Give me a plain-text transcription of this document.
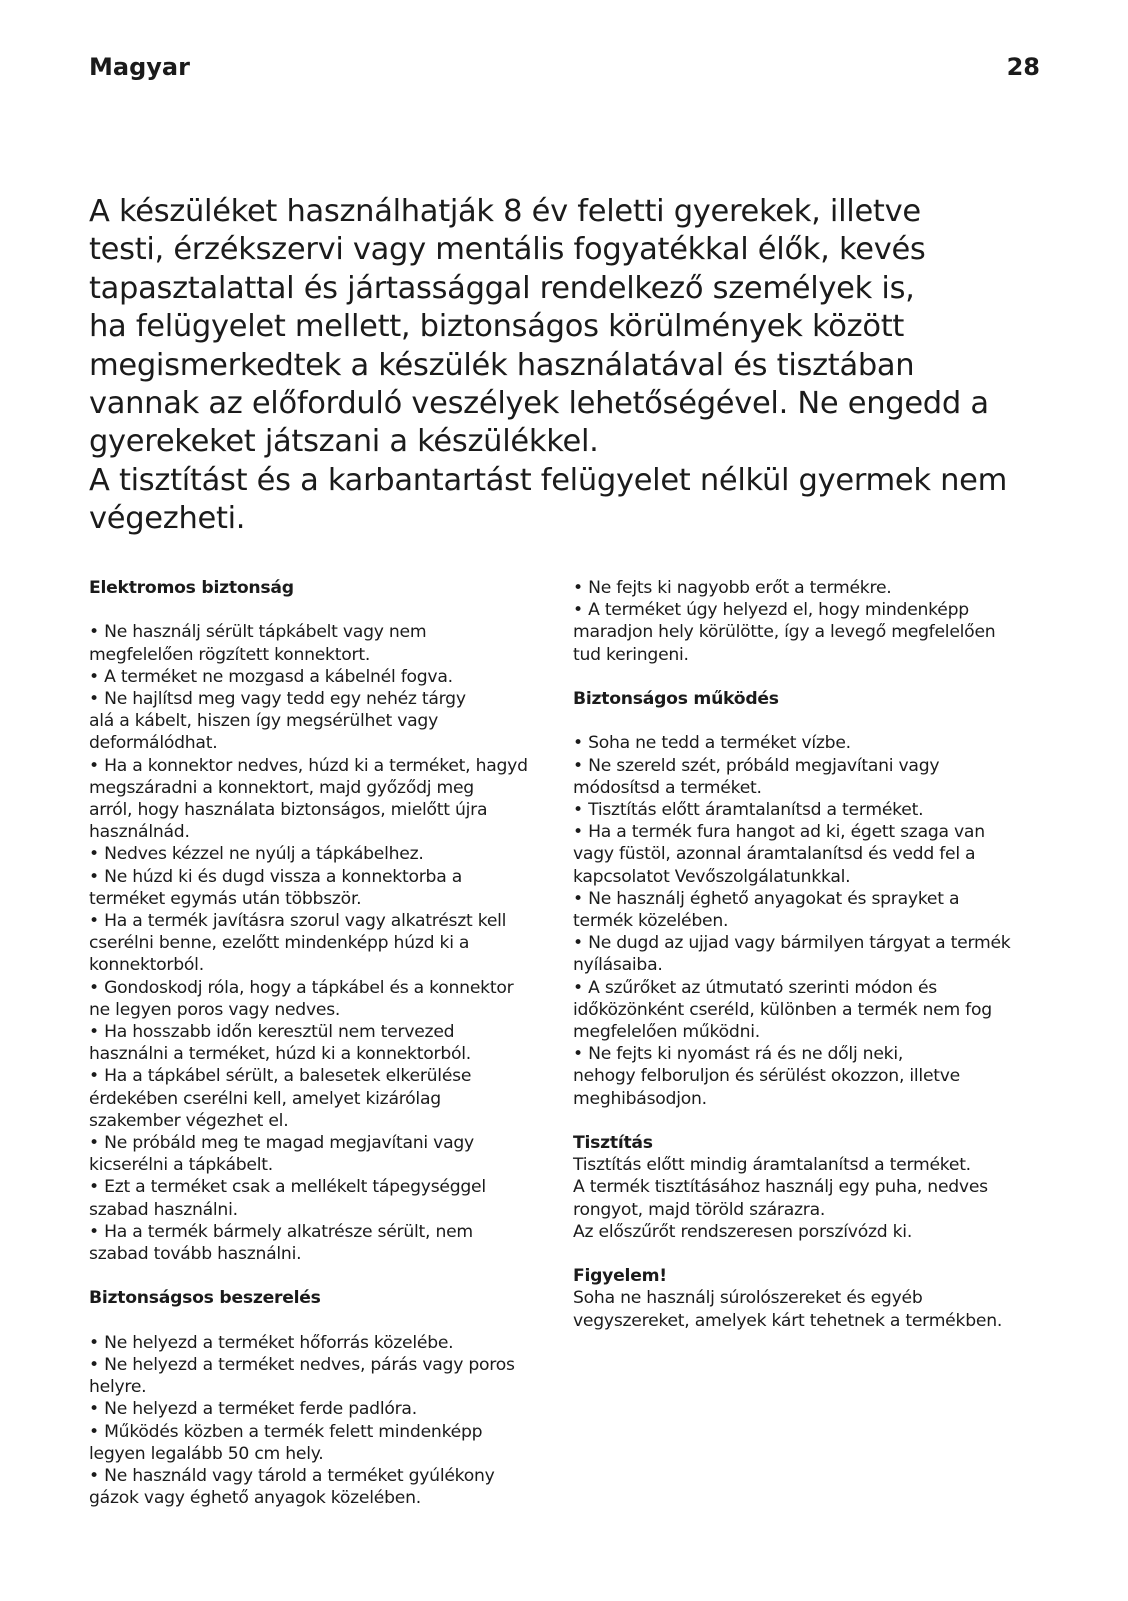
Magyar	28

A készüléket használhatják 8 év feletti gyerekek, illetve
testi, érzékszervi vagy mentális fogyatékkal élők, kevés
tapasztalattal és jártassággal rendelkező személyek is,
ha felügyelet mellett, biztonságos körülmények között
megismerkedtek a készülék használatával és tisztában
vannak az előforduló veszélyek lehetőségével. Ne engedd a
gyerekeket játszani a készülékkel.

A tisztítást és a karbantartást felügyelet nélkül gyermek nem
végezheti.

Elektromos biztonság
• Ne használj sérült tápkábelt vagy nem
megfelelően rögzített konnektort.
• A terméket ne mozgasd a kábelnél fogva.
• Ne hajlítsd meg vagy tedd egy nehéz tárgy
alá a kábelt, hiszen így megsérülhet vagy
deformálódhat.
• Ha a konnektor nedves, húzd ki a terméket, hagyd
megszáradni a konnektort, majd győződj meg
arról, hogy használata biztonságos, mielőtt újra
használnád.
• Nedves kézzel ne nyúlj a tápkábelhez.
• Ne húzd ki és dugd vissza a konnektorba a
terméket egymás után többször.
• Ha a termék javításra szorul vagy alkatrészt kell
cserélni benne, ezelőtt mindenképp húzd ki a
konnektorból.
• Gondoskodj róla, hogy a tápkábel és a konnektor
ne legyen poros vagy nedves.
• Ha hosszabb időn keresztül nem tervezed
használni a terméket, húzd ki a konnektorból.
• Ha a tápkábel sérült, a balesetek elkerülése
érdekében cserélni kell, amelyet kizárólag
szakember végezhet el.
• Ne próbáld meg te magad megjavítani vagy
kicserélni a tápkábelt.
• Ezt a terméket csak a mellékelt tápegységgel
szabad használni.
• Ha a termék bármely alkatrésze sérült, nem
szabad tovább használni.
Biztonságsos beszerelés
• Ne helyezd a terméket hőforrás közelébe.
• Ne helyezd a terméket nedves, párás vagy poros
helyre.
• Ne helyezd a terméket ferde padlóra.
• Működés közben a termék felett mindenképp
legyen legalább 50 cm hely.
• Ne használd vagy tárold a terméket gyúlékony
gázok vagy éghető anyagok közelében.
• Ne fejts ki nagyobb erőt a termékre.
• A terméket úgy helyezd el, hogy mindenképp
maradjon hely körülötte, így a levegő megfelelően
tud keringeni.
Biztonságos működés
• Soha ne tedd a terméket vízbe.
• Ne szereld szét, próbáld megjavítani vagy
módosítsd a terméket.
• Tisztítás előtt áramtalanítsd a terméket.
• Ha a termék fura hangot ad ki, égett szaga van
vagy füstöl, azonnal áramtalanítsd és vedd fel a
kapcsolatot Vevőszolgálatunkkal.
• Ne használj éghető anyagokat és sprayket a
termék közelében.
• Ne dugd az ujjad vagy bármilyen tárgyat a termék
nyílásaiba.
• A szűrőket az útmutató szerinti módon és
időközönként cseréld, különben a termék nem fog
megfelelően működni.
• Ne fejts ki nyomást rá és ne dőlj neki,
nehogy felboruljon és sérülést okozzon, illetve
meghibásodjon.
Tisztítás
Tisztítás előtt mindig áramtalanítsd a terméket.
A termék tisztításához használj egy puha, nedves
rongyot, majd töröld szárazra.
Az előszűrőt rendszeresen porszívózd ki.
Figyelem!
Soha ne használj súrolószereket és egyéb
vegyszereket, amelyek kárt tehetnek a termékben.
